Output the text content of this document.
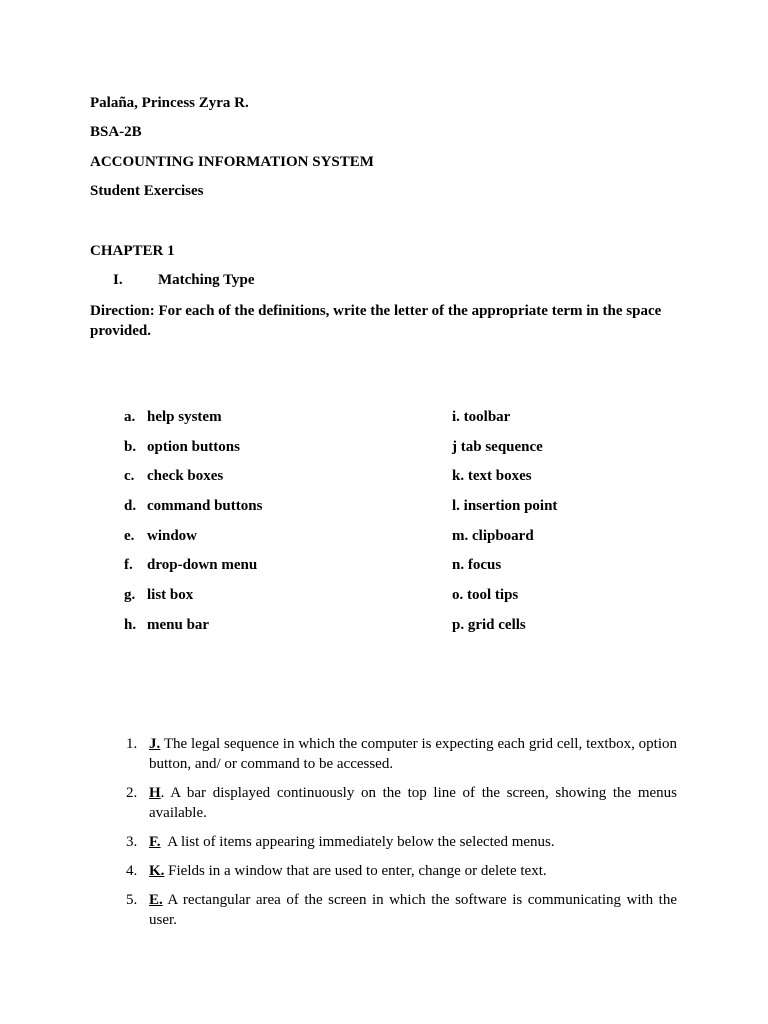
Palaña, Princess Zyra R.
BSA-2B
ACCOUNTING INFORMATION SYSTEM
Student Exercises
CHAPTER 1
I. Matching Type
Direction: For each of the definitions, write the letter of the appropriate term in the space provided.
a. help system
b. option buttons
c. check boxes
d. command buttons
e. window
f. drop-down menu
g. list box
h. menu bar
i. toolbar
j tab sequence
k. text boxes
l. insertion point
m. clipboard
n. focus
o. tool tips
p. grid cells
1. J. The legal sequence in which the computer is expecting each grid cell, textbox, option button, and/ or command to be accessed.
2. H. A bar displayed continuously on the top line of the screen, showing the menus available.
3. F.  A list of items appearing immediately below the selected menus.
4. K. Fields in a window that are used to enter, change or delete text.
5. E. A rectangular area of the screen in which the software is communicating with the user.
